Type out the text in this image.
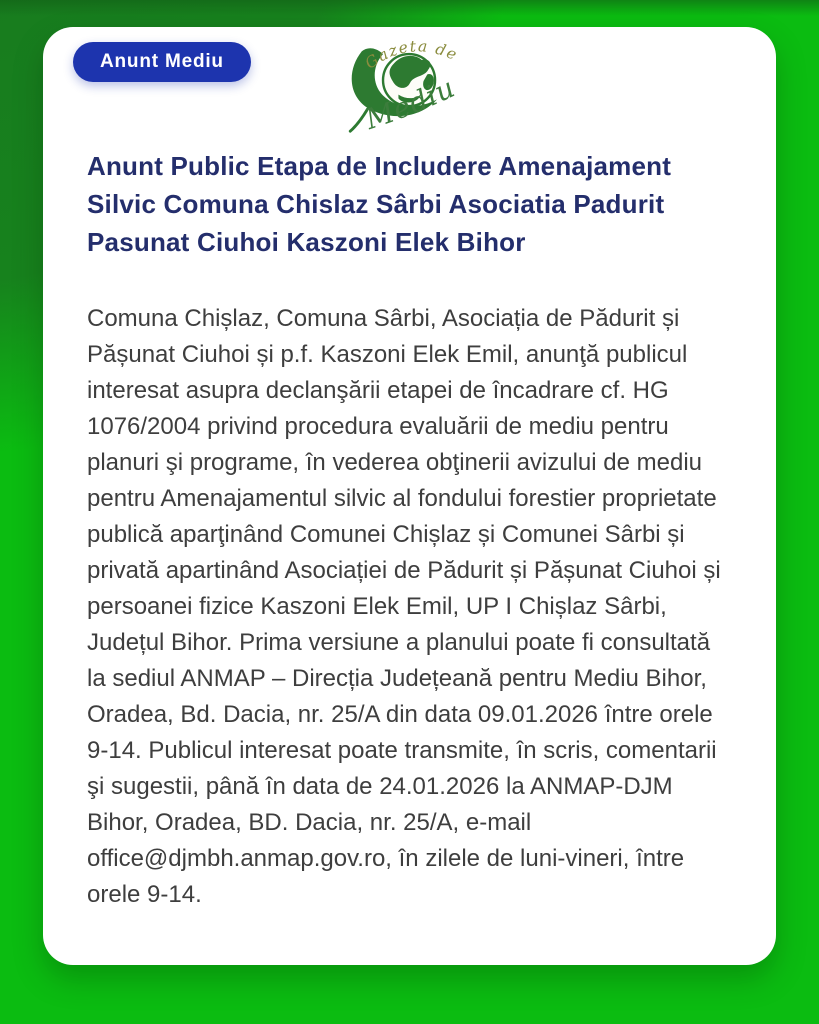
Anunt Mediu	Gazeta de
Mediu
Anunt Public Etapa de Includere Amenajament Silvic Comuna Chislaz Sârbi Asociatia Padurit Pasunat Ciuhoi Kaszoni Elek Bihor

Comuna Chișlaz, Comuna Sârbi, Asociația de Pădurit și Pășunat Ciuhoi și p.f. Kaszoni Elek Emil, anunţă publicul interesat asupra declanşării etapei de încadrare cf. HG 1076/2004 privind procedura evaluării de mediu pentru planuri şi programe, în vederea obţinerii avizului de mediu pentru Amenajamentul silvic al fondului forestier proprietate publică aparţinând Comunei Chișlaz și Comunei Sârbi și privată apartinând Asociației de Pădurit și Pășunat Ciuhoi și persoanei fizice Kaszoni Elek Emil, UP I Chișlaz Sârbi, Județul Bihor. Prima versiune a planului poate fi consultată la sediul ANMAP – Direcția Județeană pentru Mediu Bihor, Oradea, Bd. Dacia, nr. 25/A din data 09.01.2026 între orele 9-14. Publicul interesat poate transmite, în scris, comentarii şi sugestii, până în data de 24.01.2026 la ANMAP-DJM Bihor, Oradea, BD. Dacia, nr. 25/A, e-mail office@djmbh.anmap.gov.ro, în zilele de luni-vineri, între orele 9-14.
